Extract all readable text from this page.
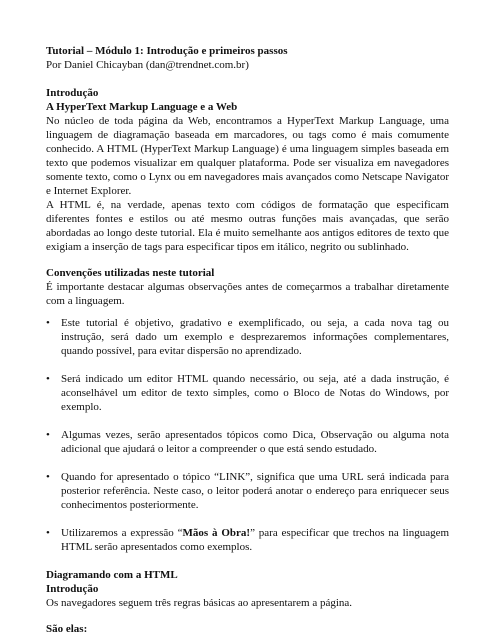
Tutorial – Módulo 1: Introdução e primeiros passos

Por Daniel Chicayban (dan@trendnet.com.br)

Introdução

A HyperText Markup Language e a Web

No núcleo de toda página da Web, encontramos a HyperText Markup Language, uma linguagem de diagramação baseada em marcadores, ou tags como é mais comumente conhecido. A HTML (HyperText Markup Language) é uma linguagem simples baseada em texto que podemos visualizar em qualquer plataforma. Pode ser visualiza em navegadores somente texto, como o Lynx ou em navegadores mais avançados como Netscape Navigator e Internet Explorer.

A HTML é, na verdade, apenas texto com códigos de formatação que especificam diferentes fontes e estilos ou até mesmo outras funções mais avançadas, que serão abordadas ao longo deste tutorial. Ela é muito semelhante aos antigos editores de texto que exigiam a inserção de tags para especificar tipos em itálico, negrito ou sublinhado.

Convenções utilizadas neste tutorial

É importante destacar algumas observações antes de começarmos a trabalhar diretamente com a linguagem.

• Este tutorial é objetivo, gradativo e exemplificado, ou seja, a cada nova tag ou instrução, será dado um exemplo e desprezaremos informações complementares, quando possível, para evitar dispersão no aprendizado.
• Será indicado um editor HTML quando necessário, ou seja, até a dada instrução, é aconselhável um editor de texto simples, como o Bloco de Notas do Windows, por exemplo.
• Algumas vezes, serão apresentados tópicos como Dica, Observação ou alguma nota adicional que ajudará o leitor a compreender o que está sendo estudado.
• Quando for apresentado o tópico “LINK”, significa que uma URL será indicada para posterior referência. Neste caso, o leitor poderá anotar o endereço para enriquecer seus conhecimentos posteriormente.
• Utilizaremos a expressão “Mãos à Obra!” para especificar que trechos na linguagem HTML serão apresentados como exemplos.

Diagramando com a HTML

Introdução

Os navegadores seguem três regras básicas ao apresentarem a página.

São elas:
